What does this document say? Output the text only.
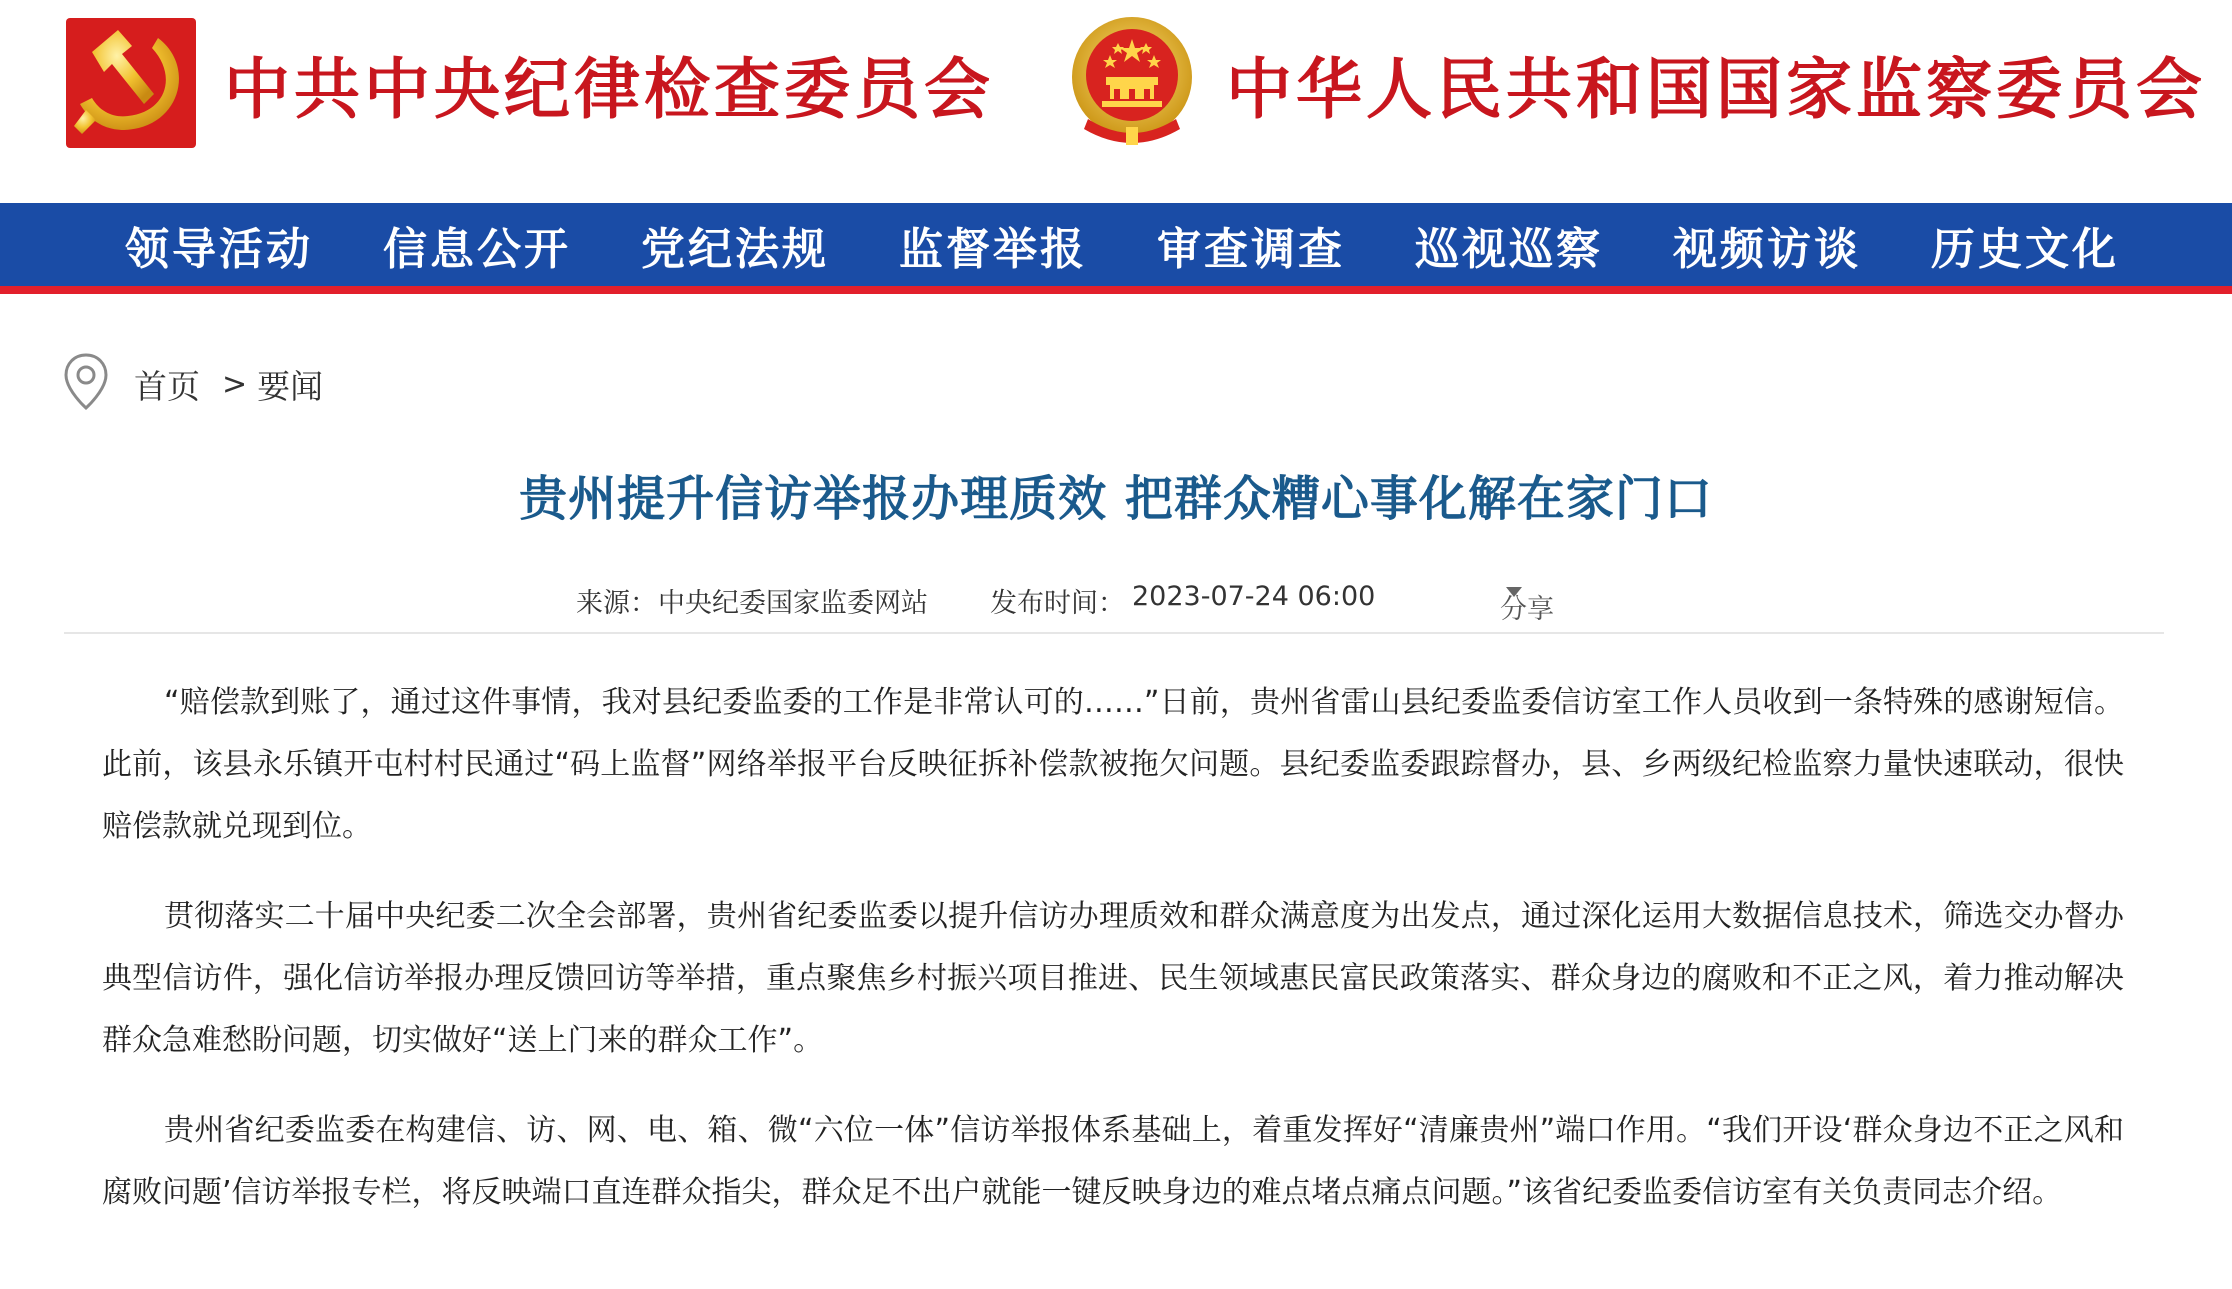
中共中央纪律检查委员会	中华人民共和国国家监察委员会
领导活动	信息公开	党纪法规	监督举报	审查调查	巡视巡察	视频访谈	历史文化
首页 > 要闻
贵州提升信访举报办理质效 把群众糟心事化解在家门口
来源： 中央纪委国家监委网站 发布时间： 2023-07-24 06:00	分享

“赔偿款到账了，通过这件事情，我对县纪委监委的工作是非常认可的……”日前，贵州省雷山县纪委监委信访室工作人员收到一条特殊的感谢短信。此前，该县永乐镇开屯村村民通过“码上监督”网络举报平台反映征拆补偿款被拖欠问题。县纪委监委跟踪督办，县、乡两级纪检监察力量快速联动，很快赔偿款就兑现到位。

贯彻落实二十届中央纪委二次全会部署，贵州省纪委监委以提升信访办理质效和群众满意度为出发点，通过深化运用大数据信息技术，筛选交办督办典型信访件，强化信访举报办理反馈回访等举措，重点聚焦乡村振兴项目推进、民生领域惠民富民政策落实、群众身边的腐败和不正之风，着力推动解决群众急难愁盼问题，切实做好“送上门来的群众工作”。

贵州省纪委监委在构建信、访、网、电、箱、微“六位一体”信访举报体系基础上，着重发挥好“清廉贵州”端口作用。“我们开设‘群众身边不正之风和腐败问题’信访举报专栏，将反映端口直连群众指尖，群众足不出户就能一键反映身边的难点堵点痛点问题。”该省纪委监委信访室有关负责同志介绍。
